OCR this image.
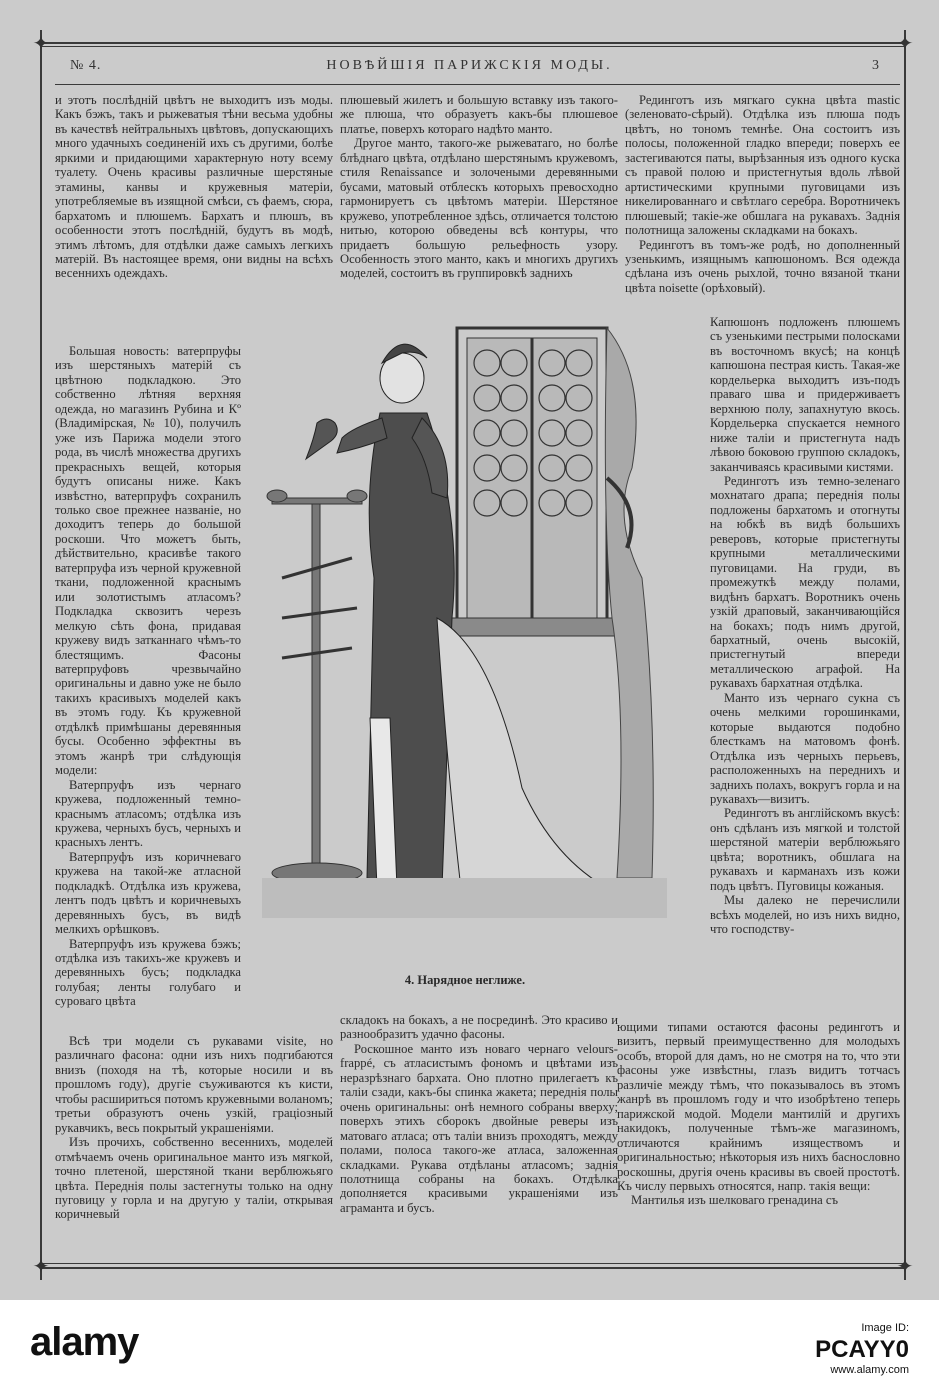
✦	✦
✦	✦
№ 4.	НОВѢЙШІЯ ПАРИЖСКІЯ МОДЫ.	3

и этотъ послѣдній цвѣтъ не выходитъ изъ моды. Какъ бэжъ, такъ и рыжеватыя тѣни весьма удобны въ качествѣ нейтральныхъ цвѣтовъ, допускающихъ много удачныхъ соединеній ихъ съ другими, болѣе яркими и придающими характерную ноту всему туалету. Очень красивы различные шерстяные этамины, канвы и кружевныя матеріи, употребляемые въ изящной смѣси, съ фаемъ, сюра, бархатомъ и плюшемъ. Бархатъ и плюшъ, въ особенности этотъ послѣдній, будутъ въ модѣ, этимъ лѣтомъ, для отдѣлки даже самыхъ легкихъ матерій. Въ настоящее время, они видны на всѣхъ весеннихъ одеждахъ.

Большая новость: ватерпруфы изъ шерстяныхъ матерій съ цвѣтною подкладкою. Это собственно лѣтняя верхняя одежда, но магазинъ Рубина и Кº (Владимірская, № 10), получилъ уже изъ Парижа модели этого рода, въ числѣ множества другихъ прекрасныхъ вещей, которыя будутъ описаны ниже. Какъ извѣстно, ватерпруфъ сохранилъ только свое прежнее названіе, но доходитъ теперь до большой роскоши. Что можетъ быть, дѣйствительно, красивѣе такого ватерпруфа изъ черной кружевной ткани, подложенной краснымъ или золотистымъ атласомъ? Подкладка сквозитъ черезъ мелкую сѣть фона, придавая кружеву видъ затканнаго чѣмъ-то блестящимъ. Фасоны ватерпруфовъ чрезвычайно оригинальны и давно уже не было такихъ красивыхъ моделей какъ въ этомъ году. Къ кружевной отдѣлкѣ примѣшаны деревянныя бусы. Особенно эффектны въ этомъ жанрѣ три слѣдующія модели:

Ватерпруфъ изъ чернаго кружева, подложенный темно-краснымъ атласомъ; отдѣлка изъ кружева, черныхъ бусъ, черныхъ и красныхъ лентъ.

Ватерпруфъ изъ коричневаго кружева на такой-же атласной подкладкѣ. Отдѣлка изъ кружева, лентъ подъ цвѣтъ и коричневыхъ деревянныхъ бусъ, въ видѣ мелкихъ орѣшковъ.

Ватерпруфъ изъ кружева бэжъ; отдѣлка изъ такихъ-же кружевъ и деревянныхъ бусъ; подкладка голубая; ленты голубаго и суроваго цвѣта

Всѣ три модели съ рукавами visite, но различнаго фасона: одни изъ нихъ подгибаются внизъ (походя на тѣ, которые носили и въ прошломъ году), другіе съуживаются къ кисти, чтобы расшириться потомъ кружевными воланомъ; третьи образуютъ очень узкій, граціозный рукавчикъ, весь покрытый украшеніями.

Изъ прочихъ, собственно весеннихъ, моделей отмѣчаемъ очень оригинальное манто изъ мягкой, точно плетеной, шерстяной ткани верблюжьяго цвѣта. Переднія полы застегнуты только на одну пуговицу у горла и на другую у таліи, открывая коричневый

плюшевый жилетъ и большую вставку изъ такого-же плюша, что образуетъ какъ-бы плюшевое платье, поверхъ котораго надѣто манто.

Другое манто, такого-же рыжеватаго, но болѣе блѣднаго цвѣта, отдѣлано шерстянымъ кружевомъ, стиля Renaissance и золочеными деревянными бусами, матовый отблескъ которыхъ превосходно гармонируетъ съ цвѣтомъ матеріи. Шерстяное кружево, употребленное здѣсь, отличается толстою нитью, которою обведены всѣ контуры, что придаетъ большую рельефность узору. Особенность этого манто, какъ и многихъ другихъ моделей, состоитъ въ группировкѣ заднихъ

4. Нарядное неглиже.

складокъ на бокахъ, а не посрединѣ. Это красиво и разнообразитъ удачно фасоны.

Роскошное манто изъ новаго чернаго velours-frappé, съ атласистымъ фономъ и цвѣтами изъ неразрѣзнаго бархата. Оно плотно прилегаетъ къ таліи сзади, какъ-бы спинка жакета; переднія полы очень оригинальны: онѣ немного собраны вверху; поверхъ этихъ сборокъ двойные реверы изъ матоваго атласа; отъ таліи внизъ проходятъ, между полами, полоса такого-же атласа, заложенная складками. Рукава отдѣланы атласомъ; заднія полотнища собраны на бокахъ. Отдѣлка дополняется красивыми украшеніями изъ аграманта и бусъ.

Рединготъ изъ мягкаго сукна цвѣта mastic (зеленовато-сѣрый). Отдѣлка изъ плюша подъ цвѣтъ, но тономъ темнѣе. Она состоитъ изъ полосы, положенной гладко впереди; поверхъ ее застегиваются паты, вырѣзанныя изъ одного куска съ правой полою и пристегнутыя вдоль лѣвой артистическими крупными пуговицами изъ никелированнаго и свѣтлаго серебра. Воротничекъ плюшевый; такіе-же обшлага на рукавахъ. Заднія полотнища заложены складками на бокахъ.

Рединготъ въ томъ-же родѣ, но дополненный узенькимъ, изящнымъ капюшономъ. Вся одежда сдѣлана изъ очень рыхлой, точно вязаной ткани цвѣта noisette (орѣховый).

Капюшонъ подложенъ плюшемъ съ узенькими пестрыми полосками въ восточномъ вкусѣ; на концѣ капюшона пестрая кисть. Такая-же кордельерка выходитъ изъ-подъ праваго шва и придерживаетъ верхнюю полу, запахнутую вкось. Кордельерка спускается немного ниже таліи и пристегнута надъ лѣвою боковою группою складокъ, заканчиваясь красивыми кистями.

Рединготъ изъ темно-зеленаго мохнатаго драпа; переднія полы подложены бархатомъ и отогнуты на юбкѣ въ видѣ большихъ реверовъ, которые пристегнуты крупными металлическими пуговицами. На груди, въ промежуткѣ между полами, видѣнъ бархатъ. Воротникъ очень узкій драповый, заканчивающійся на бокахъ; подъ нимъ другой, бархатный, очень высокій, пристегнутый впереди металлическою аграфой. На рукавахъ бархатная отдѣлка.

Манто изъ чернаго сукна съ очень мелкими горошинками, которые выдаются подобно блесткамъ на матовомъ фонѣ. Отдѣлка изъ черныхъ перьевъ, расположенныхъ на переднихъ и заднихъ полахъ, вокругъ горла и на рукавахъ—визитъ.

Рединготъ въ англійскомъ вкусѣ: онъ сдѣланъ изъ мягкой и толстой шерстяной матеріи верблюжьяго цвѣта; воротникъ, обшлага на рукавахъ и карманахъ изъ кожи подъ цвѣтъ. Пуговицы кожаныя.

Мы далеко не перечислили всѣхъ моделей, но изъ нихъ видно, что господству-

ющими типами остаются фасоны рединготъ и визитъ, первый преимущественно для молодыхъ особъ, второй для дамъ, но не смотря на то, что эти фасоны уже извѣстны, глазъ видитъ тотчасъ различіе между тѣмъ, что показывалось въ этомъ жанрѣ въ прошломъ году и что изобрѣтено теперь парижской модой. Модели мантилій и другихъ накидокъ, полученные тѣмъ-же магазиномъ, отличаются крайнимъ изяществомъ и оригинальностью; нѣкоторыя изъ нихъ баснословно роскошны, другія очень красивы въ своей простотѣ. Къ числу первыхъ относятся, напр. такія вещи:

Мантилья изъ шелковаго гренадина съ

alamy	Image ID:
PCAYY0
www.alamy.com
